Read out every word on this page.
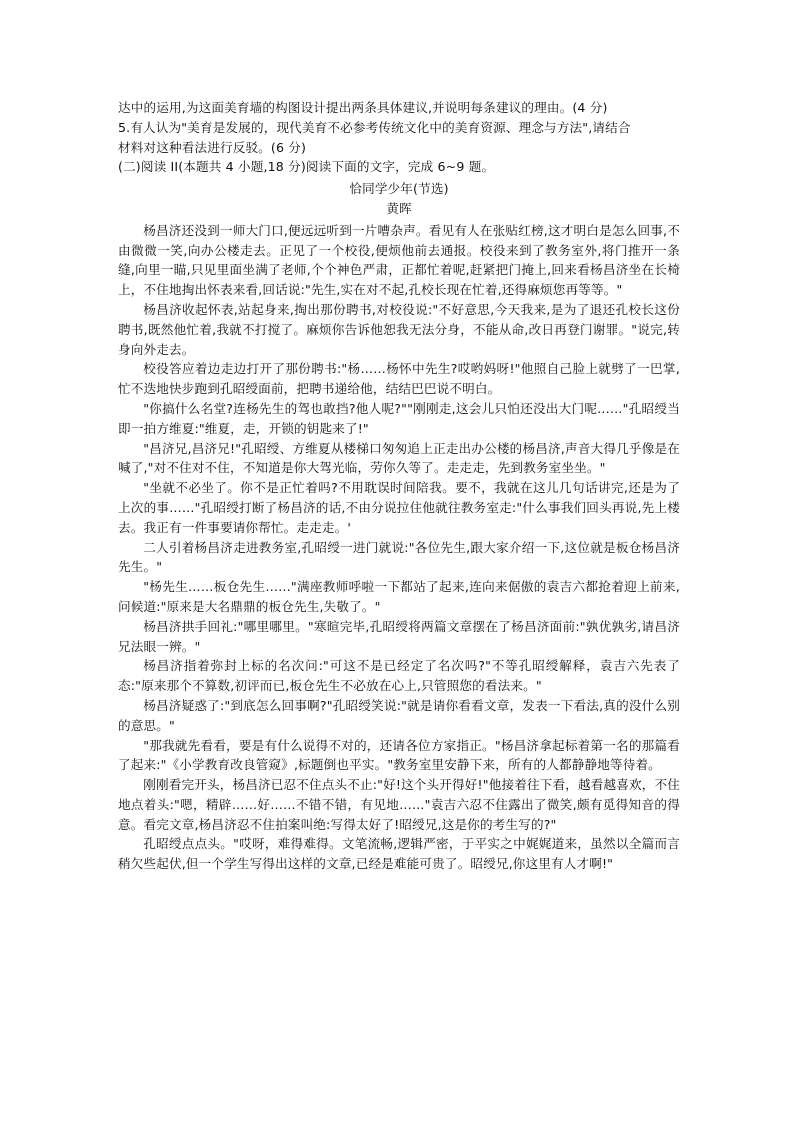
达中的运用,为这面美育墙的构图设计提出两条具体建议,并说明每条建议的理由。(4 分)

5.有人认为"美育是发展的，现代美育不必参考传统文化中的美育资源、理念与方法",请结合

材料对这种看法进行反驳。(6 分)

(二)阅读 II(本题共 4 小题,18 分)阅读下面的文字，完成 6~9 题。

恰同学少年(节选)

黄晖

杨昌济还没到一师大门口,便远远听到一片嘈杂声。看见有人在张贴红榜,这才明白是怎么回事,不由微微一笑,向办公楼走去。正见了一个校役,便烦他前去通报。校役来到了教务室外,将门推开一条缝,向里一瞄,只见里面坐满了老师,个个神色严肃，正都忙着呢,赶紧把门掩上,回来看杨昌济坐在长椅上，不住地掏出怀表来看,回话说:"先生,实在对不起,孔校长现在忙着,还得麻烦您再等等。"

杨昌济收起怀表,站起身来,掏出那份聘书,对校役说:"不好意思,今天我来,是为了退还孔校长这份聘书,既然他忙着,我就不打搅了。麻烦你告诉他恕我无法分身，不能从命,改日再登门谢罪。"说完,转身向外走去。

校役答应着边走边打开了那份聘书:"杨……杨怀中先生?哎哟妈呀!"他照自己脸上就劈了一巴掌,忙不迭地快步跑到孔昭绶面前，把聘书递给他，结结巴巴说不明白。

"你搞什么名堂?连杨先生的驾也敢挡?他人呢?""刚刚走,这会儿只怕还没出大门呢……"孔昭绶当即一拍方维夏:"维夏，走，开锁的钥匙来了!"

"昌济兄,昌济兄!"孔昭绶、方维夏从楼梯口匆匆追上正走出办公楼的杨昌济,声音大得几乎像是在喊了,"对不住对不住，不知道是你大驾光临，劳你久等了。走走走，先到教务室坐坐。"

"坐就不必坐了。你不是正忙着吗?不用耽误时间陪我。要不，我就在这儿几句话讲完,还是为了上次的事……"孔昭绶打断了杨昌济的话,不由分说拉住他就往教务室走:"什么事我们回头再说,先上楼去。我正有一件事要请你帮忙。走走走。'

二人引着杨昌济走进教务室,孔昭绶一进门就说:"各位先生,跟大家介绍一下,这位就是板仓杨昌济先生。"

"杨先生……板仓先生……"满座教师呼啦一下都站了起来,连向来倨傲的袁吉六都抢着迎上前来,问候道:"原来是大名鼎鼎的板仓先生,失敬了。"

杨昌济拱手回礼:"哪里哪里。"寒暄完毕,孔昭绶将两篇文章摆在了杨昌济面前:"孰优孰劣,请昌济兄法眼一辨。"

杨昌济指着弥封上标的名次问:"可这不是已经定了名次吗?"不等孔昭绶解释，袁吉六先表了态:"原来那个不算数,初评而已,板仓先生不必放在心上,只管照您的看法来。"

杨昌济疑惑了:"到底怎么回事啊?"孔昭绶笑说:"就是请你看看文章，发表一下看法,真的没什么别的意思。"

"那我就先看看，要是有什么说得不对的，还请各位方家指正。"杨昌济拿起标着第一名的那篇看了起来:"《小学教育改良管窥》,标题倒也平实。"教务室里安静下来，所有的人都静静地等待着。

刚刚看完开头，杨昌济已忍不住点头不止:"好!这个头开得好!"他接着往下看，越看越喜欢，不住地点着头:"嗯，精辟……好……不错不错，有见地……"袁吉六忍不住露出了微笑,颇有觅得知音的得意。看完文章,杨昌济忍不住拍案叫绝:写得太好了!昭绶兄,这是你的考生写的?"

孔昭绶点点头。"哎呀，难得难得。文笔流畅,逻辑严密，于平实之中娓娓道来，虽然以全篇而言稍欠些起伏,但一个学生写得出这样的文章,已经是难能可贵了。昭绶兄,你这里有人才啊!"
